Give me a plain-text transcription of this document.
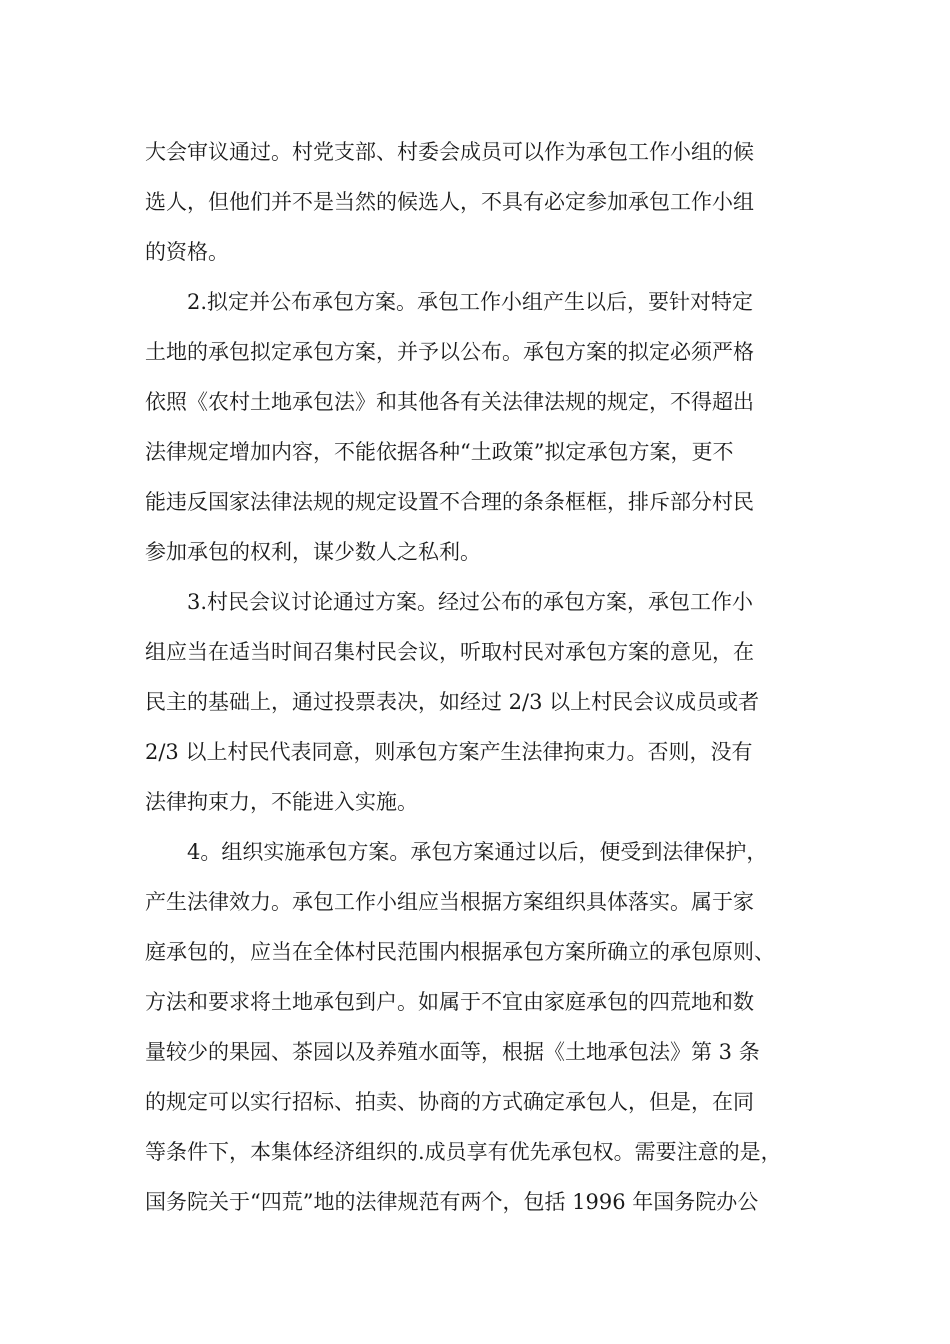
大会审议通过。村党支部、村委会成员可以作为承包工作小组的候
选人，但他们并不是当然的候选人，不具有必定参加承包工作小组
的资格。
2.拟定并公布承包方案。承包工作小组产生以后，要针对特定
土地的承包拟定承包方案，并予以公布。承包方案的拟定必须严格
依照《农村土地承包法》和其他各有关法律法规的规定，不得超出
法律规定增加内容，不能依据各种“土政策”拟定承包方案，更不
能违反国家法律法规的规定设置不合理的条条框框，排斥部分村民
参加承包的权利，谋少数人之私利。
3.村民会议讨论通过方案。经过公布的承包方案，承包工作小
组应当在适当时间召集村民会议，听取村民对承包方案的意见，在
民主的基础上，通过投票表决，如经过 2/3 以上村民会议成员或者
2/3 以上村民代表同意，则承包方案产生法律拘束力。否则，没有
法律拘束力，不能进入实施。
4。组织实施承包方案。承包方案通过以后，便受到法律保护，
产生法律效力。承包工作小组应当根据方案组织具体落实。属于家
庭承包的，应当在全体村民范围内根据承包方案所确立的承包原则、
方法和要求将土地承包到户。如属于不宜由家庭承包的四荒地和数
量较少的果园、茶园以及养殖水面等，根据《土地承包法》第 3 条
的规定可以实行招标、拍卖、协商的方式确定承包人，但是，在同
等条件下，本集体经济组织的.成员享有优先承包权。需要注意的是，
国务院关于“四荒”地的法律规范有两个，包括 1996 年国务院办公
